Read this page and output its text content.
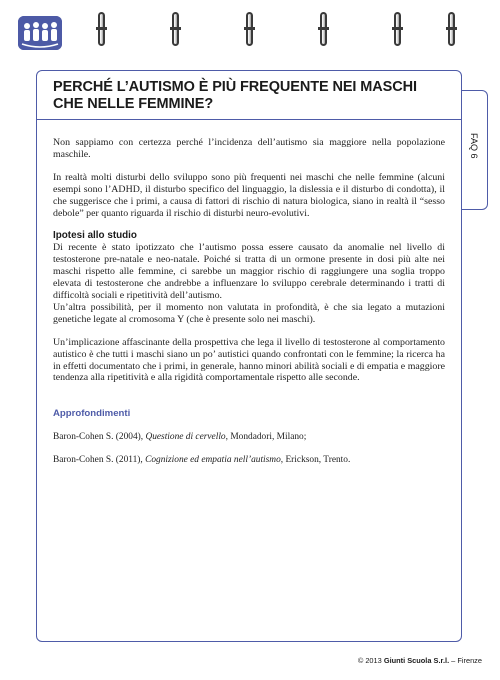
FAQ 6
PERCHÉ L’AUTISMO È PIÙ FREQUENTE NEI MASCHI
CHE NELLE FEMMINE?

Non sappiamo con certezza perché l’incidenza dell’autismo sia maggiore nella popolazione maschile.

In realtà molti disturbi dello sviluppo sono più frequenti nei maschi che nelle femmine (alcuni esempi sono l’ADHD, il disturbo specifico del linguaggio, la dislessia e il disturbo di condotta), il che suggerisce che i primi, a causa di fattori di rischio di natura biologica, siano in realtà il “sesso debole” per quanto riguarda il rischio di disturbi neuro-evolutivi.

Ipotesi allo studio

Di recente è stato ipotizzato che l’autismo possa essere causato da anomalie nel livello di testosterone pre-natale e neo-natale. Poiché si tratta di un ormone presente in dosi più alte nei maschi rispetto alle femmine, ci sarebbe un maggior rischio di raggiungere una soglia troppo elevata di testosterone che andrebbe a influenzare lo sviluppo cerebrale determinando i tratti di difficoltà sociali e ripetitività dell’autismo.

Un’altra possibilità, per il momento non valutata in profondità, è che sia legato a mutazioni genetiche legate al cromosoma Y (che è presente solo nei maschi).

Un’implicazione affascinante della prospettiva che lega il livello di testosterone al comportamento autistico è che tutti i maschi siano un po’ autistici quando confrontati con le femmine; la ricerca ha in effetti documentato che i primi, in generale, hanno minori abilità sociali e di empatia e maggiore tendenza alla ripetitività e alla rigidità comportamentale rispetto alle seconde.

Approfondimenti

Baron-Cohen S. (2004), Questione di cervello, Mondadori, Milano;

Baron-Cohen S. (2011), Cognizione ed empatia nell’autismo, Erickson, Trento.

© 2013 Giunti Scuola S.r.l. – Firenze
